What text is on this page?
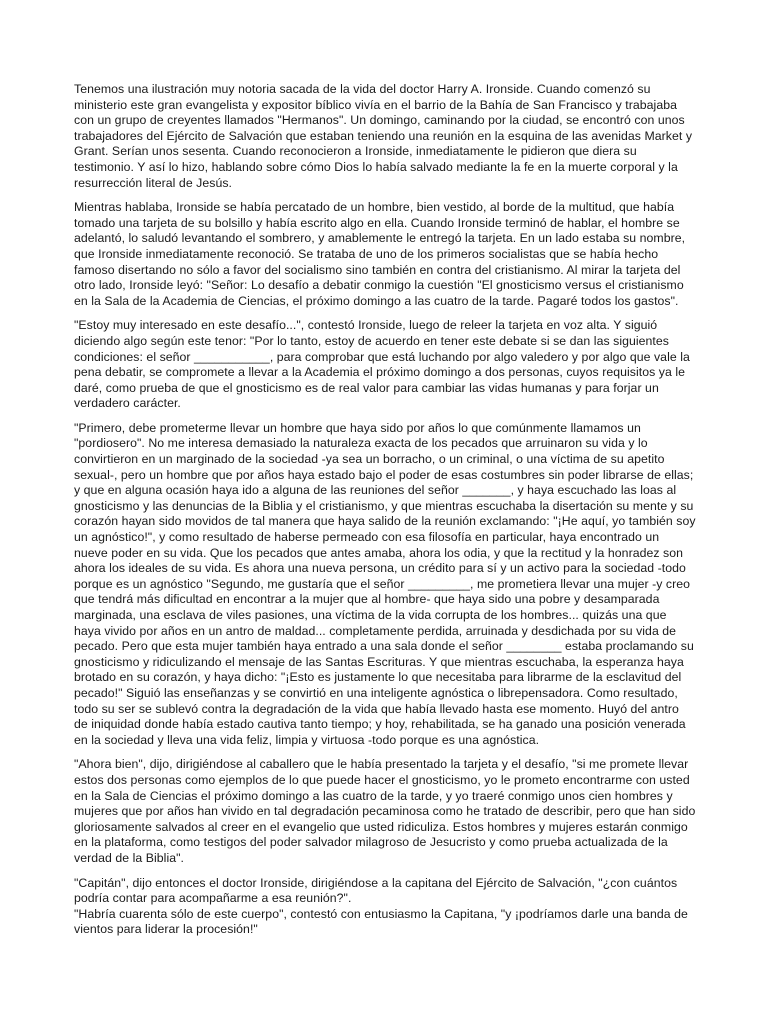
Tenemos una ilustración muy notoria sacada de la vida del doctor Harry A. Ironside. Cuando comenzó su ministerio este gran evangelista y expositor bíblico vivía en el barrio de la Bahía de San Francisco y trabajaba con un grupo de creyentes llamados "Hermanos". Un domingo, caminando por la ciudad, se encontró con unos trabajadores del Ejército de Salvación que estaban teniendo una reunión en la esquina de las avenidas Market y Grant. Serían unos sesenta. Cuando reconocieron a Ironside, inmediatamente le pidieron que diera su testimonio. Y así lo hizo, hablando sobre cómo Dios lo había salvado mediante la fe en la muerte corporal y la resurrección literal de Jesús.

Mientras hablaba, Ironside se había percatado de un hombre, bien vestido, al borde de la multitud, que había tomado una tarjeta de su bolsillo y había escrito algo en ella. Cuando Ironside terminó de hablar, el hombre se adelantó, lo saludó levantando el sombrero, y amablemente le entregó la tarjeta. En un lado estaba su nombre, que Ironside inmediatamente reconoció. Se trataba de uno de los primeros socialistas que se había hecho famoso disertando no sólo a favor del socialismo sino también en contra del cristianismo. Al mirar la tarjeta del otro lado, Ironside leyó: "Señor: Lo desafío a debatir conmigo la cuestión "El gnosticismo versus el cristianismo en la Sala de la Academia de Ciencias, el próximo domingo a las cuatro de la tarde. Pagaré todos los gastos".

"Estoy muy interesado en este desafío...", contestó Ironside, luego de releer la tarjeta en voz alta. Y siguió diciendo algo según este tenor: "Por lo tanto, estoy de acuerdo en tener este debate si se dan las siguientes condiciones: el señor ___________, para comprobar que está luchando por algo valedero y por algo que vale la pena debatir, se compromete a llevar a la Academia el próximo domingo a dos personas, cuyos requisitos ya le daré, como prueba de que el gnosticismo es de real valor para cambiar las vidas humanas y para forjar un verdadero carácter.

"Primero, debe prometerme llevar un hombre que haya sido por años lo que comúnmente llamamos un "pordiosero". No me interesa demasiado la naturaleza exacta de los pecados que arruinaron su vida y lo convirtieron en un marginado de la sociedad -ya sea un borracho, o un criminal, o una víctima de su apetito sexual-, pero un hombre que por años haya estado bajo el poder de esas costumbres sin poder librarse de ellas; y que en alguna ocasión haya ido a alguna de las reuniones del señor _______, y haya escuchado las loas al gnosticismo y las denuncias de la Biblia y el cristianismo, y que mientras escuchaba la disertación su mente y su corazón hayan sido movidos de tal manera que haya salido de la reunión exclamando: "¡He aquí, yo también soy un agnóstico!", y como resultado de haberse permeado con esa filosofía en particular, haya encontrado un nueve poder en su vida. Que los pecados que antes amaba, ahora los odia, y que la rectitud y la honradez son ahora los ideales de su vida. Es ahora una nueva persona, un crédito para sí y un activo para la sociedad -todo porque es un agnóstico "Segundo, me gustaría que el señor _________, me prometiera llevar una mujer -y creo que tendrá más dificultad en encontrar a la mujer que al hombre- que haya sido una pobre y desamparada marginada, una esclava de viles pasiones, una víctima de la vida corrupta de los hombres... quizás una que haya vivido por años en un antro de maldad... completamente perdida, arruinada y desdichada por su vida de pecado. Pero que esta mujer también haya entrado a una sala donde el señor ________ estaba proclamando su gnosticismo y ridiculizando el mensaje de las Santas Escrituras. Y que mientras escuchaba, la esperanza haya brotado en su corazón, y haya dicho: "¡Esto es justamente lo que necesitaba para librarme de la esclavitud del pecado!" Siguió las enseñanzas y se convirtió en una inteligente agnóstica o librepensadora. Como resultado, todo su ser se sublevó contra la degradación de la vida que había llevado hasta ese momento. Huyó del antro de iniquidad donde había estado cautiva tanto tiempo; y hoy, rehabilitada, se ha ganado una posición venerada en la sociedad y lleva una vida feliz, limpia y virtuosa -todo porque es una agnóstica.

"Ahora bien", dijo, dirigiéndose al caballero que le había presentado la tarjeta y el desafío, "si me promete llevar estos dos personas como ejemplos de lo que puede hacer el gnosticismo, yo le prometo encontrarme con usted en la Sala de Ciencias el próximo domingo a las cuatro de la tarde, y yo traeré conmigo unos cien hombres y mujeres que por años han vivido en tal degradación pecaminosa como he tratado de describir, pero que han sido gloriosamente salvados al creer en el evangelio que usted ridiculiza. Estos hombres y mujeres estarán conmigo en la plataforma, como testigos del poder salvador milagroso de Jesucristo y como prueba actualizada de la verdad de la Biblia".

"Capitán", dijo entonces el doctor Ironside, dirigiéndose a la capitana del Ejército de Salvación, "¿con cuántos podría contar para acompañarme a esa reunión?".

"Habría cuarenta sólo de este cuerpo", contestó con entusiasmo la Capitana, "y ¡podríamos darle una banda de vientos para liderar la procesión!"
